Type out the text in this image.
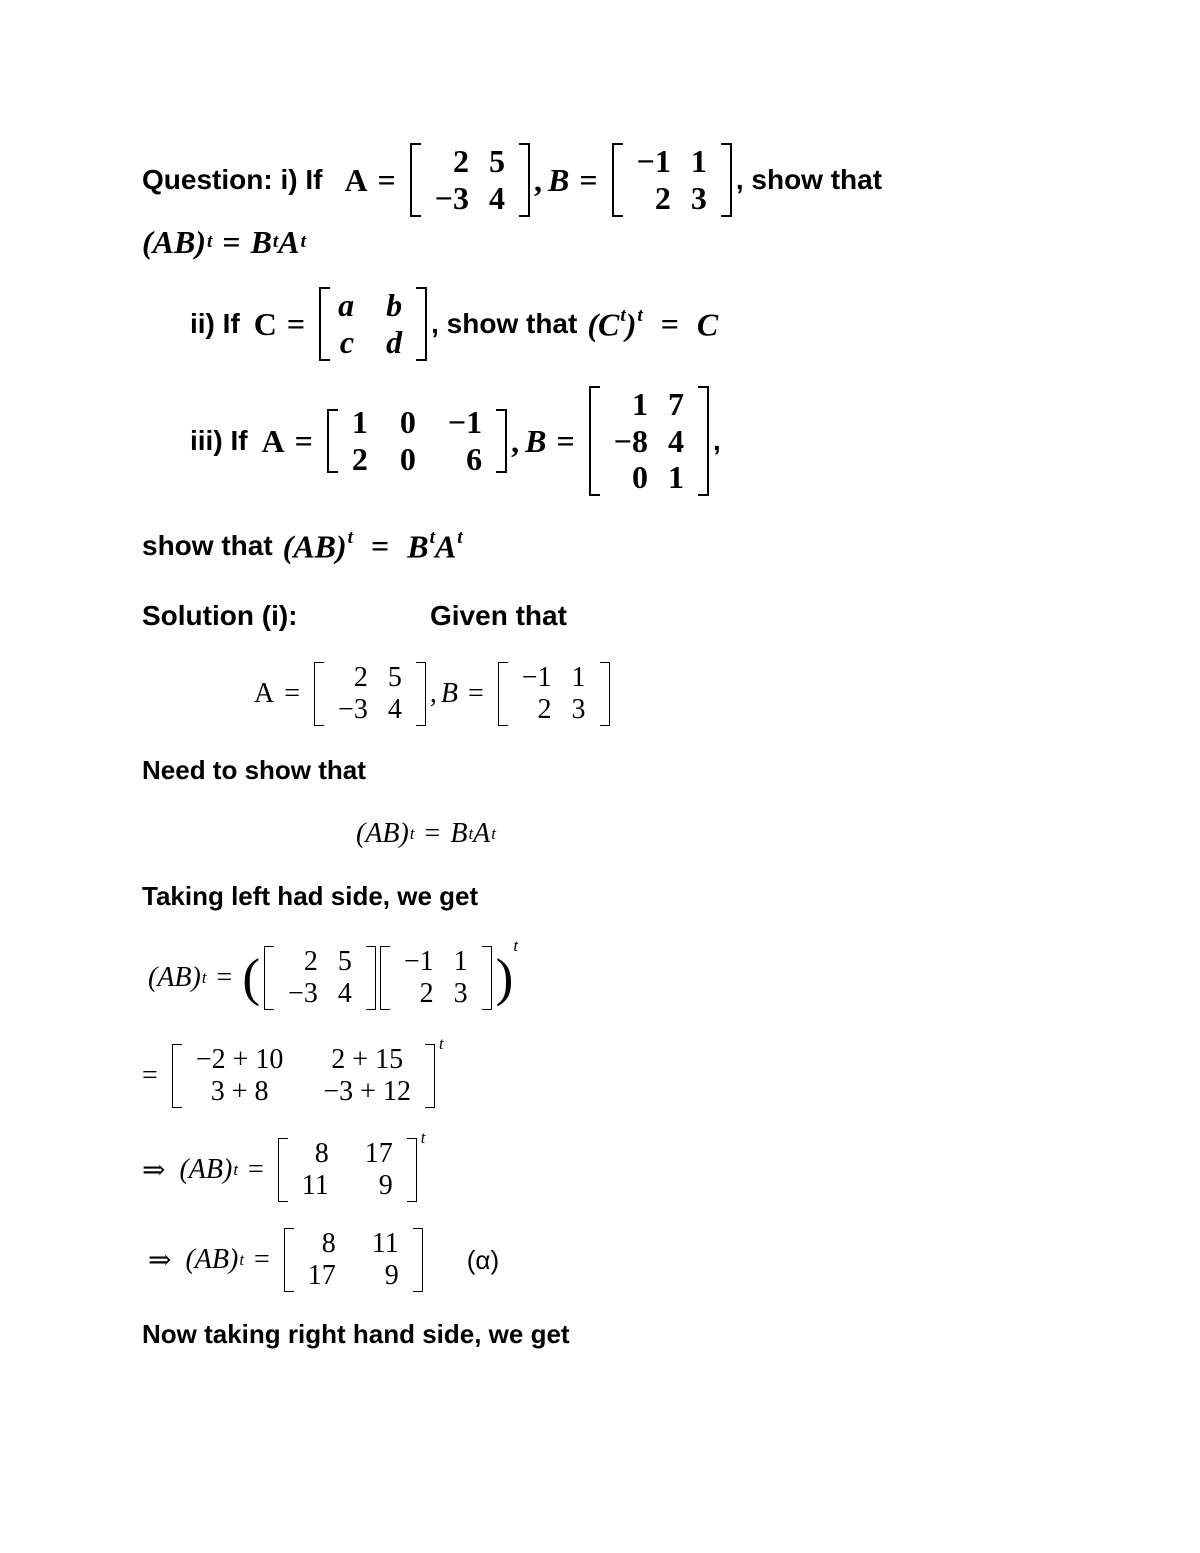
Question: i) If A =
2 5
−3 4
, B =
−1 1
2 3
, show that
(AB) t = B t A t
ii) If C =
a	b
c	d
, show that $(C^t)^t = C$
iii) If A =
1	0	−1
2	0	6
, B =
1 7
−8 4
0 1
,
show that $(AB)^t = B^tA^t$
Solution (i):	Given that
A =
2 5
−3 4
, B =
−1 1
2 3
Need to show that
(AB) t = B t A t
Taking left had side, we get
(AB) t = (	2 5
−3 4
−1 1
2 3 )
t
=
−2 + 10	2 + 15
3 + 8	−3 + 12
t
⇒ (AB) t =
8	17
11	9
t
⇒ (AB) t =
8	11
17	9
(α)
Now taking right hand side, we get
